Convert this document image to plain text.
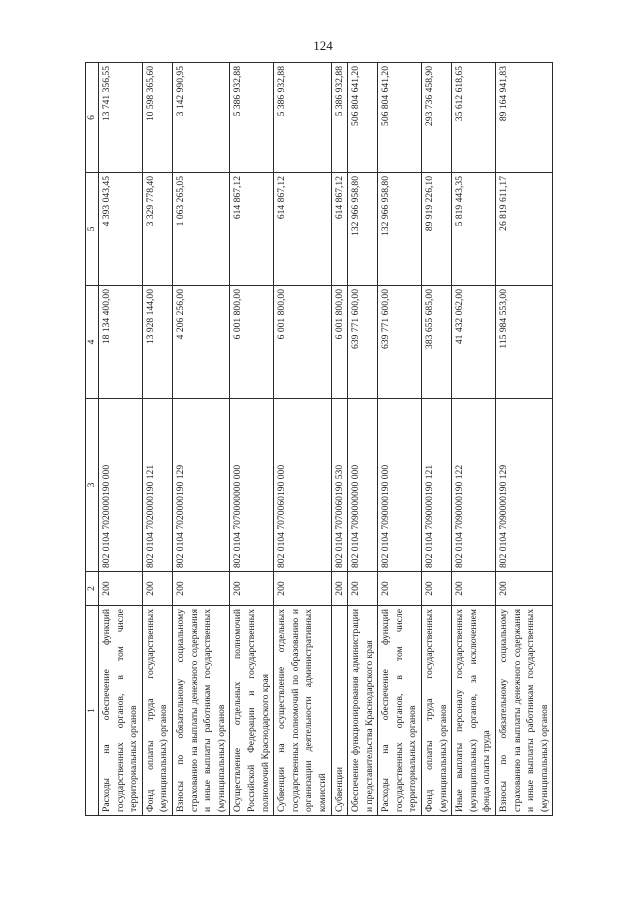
124
1	2	3	4	5	6
Расходы на обеспечение функций государственных органов, в том числе территориальных органов	200	802 0104 7020000190 000	18 134 400,00	4 393 043,45	13 741 356,55
Фонд оплаты труда государственных (муниципальных) органов	200	802 0104 7020000190 121	13 928 144,00	3 329 778,40	10 598 365,60
Взносы по обязательному социальному страхованию на выплаты денежного содержания и иные выплаты работникам государственных (муниципальных) органов	200	802 0104 7020000190 129	4 206 256,00	1 063 265,05	3 142 990,95
Осуществление отдельных полномочий Российской Федерации и государственных полномочий Краснодарского края	200	802 0104 7070000000 000	6 001 800,00	614 867,12	5 386 932,88
Субвенции на осуществление отдельных государственных полномочий по образованию и организации деятельности административных комиссий	200	802 0104 7070060190 000	6 001 800,00	614 867,12	5 386 932,88
Субвенции	200	802 0104 7070060190 530	6 001 800,00	614 867,12	5 386 932,88
Обеспечение функционирования администрации и представительства Краснодарского края	200	802 0104 7090000000 000	639 771 600,00	132 966 958,80	506 804 641,20
Расходы на обеспечение функций государственных органов, в том числе территориальных органов	200	802 0104 7090000190 000	639 771 600,00	132 966 958,80	506 804 641,20
Фонд оплаты труда государственных (муниципальных) органов	200	802 0104 7090000190 121	383 655 685,00	89 919 226,10	293 736 458,90
Иные выплаты персоналу государственных (муниципальных) органов, за исключением фонда оплаты труда	200	802 0104 7090000190 122	41 432 062,00	5 819 443,35	35 612 618,65
Взносы по обязательному социальному страхованию на выплаты денежного содержания и иные выплаты работникам государственных (муниципальных) органов	200	802 0104 7090000190 129	115 984 553,00	26 819 611,17	89 164 941,83
